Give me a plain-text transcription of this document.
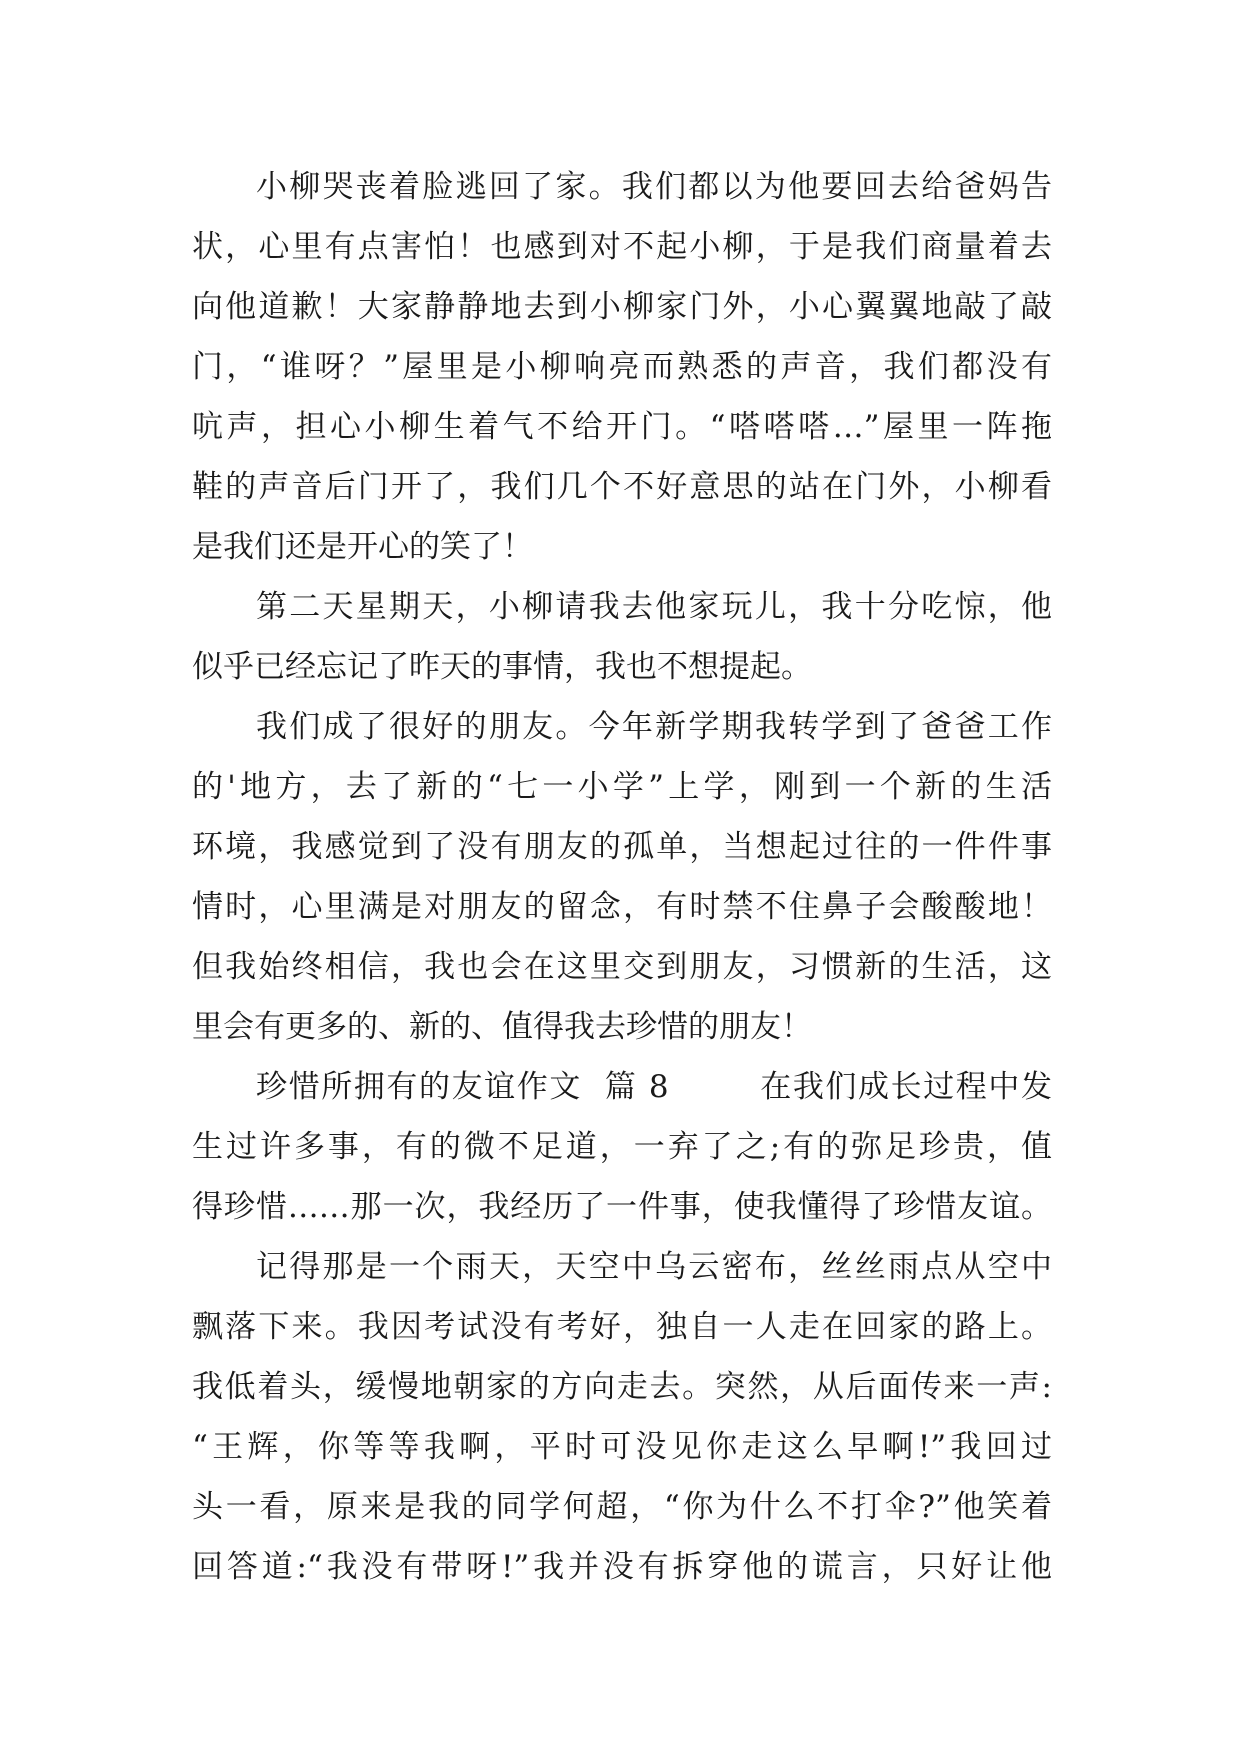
小柳哭丧着脸逃回了家。我们都以为他要回去给爸妈告
状，心里有点害怕！也感到对不起小柳，于是我们商量着去
向他道歉！大家静静地去到小柳家门外，小心翼翼地敲了敲
门，“谁呀？”屋里是小柳响亮而熟悉的声音，我们都没有
吭声，担心小柳生着气不给开门。“嗒嗒嗒…”屋里一阵拖
鞋的声音后门开了，我们几个不好意思的站在门外，小柳看
是我们还是开心的笑了！
第二天星期天，小柳请我去他家玩儿，我十分吃惊，他
似乎已经忘记了昨天的事情，我也不想提起。
我们成了很好的朋友。今年新学期我转学到了爸爸工作
的'地方，去了新的“七一小学”上学，刚到一个新的生活
环境，我感觉到了没有朋友的孤单，当想起过往的一件件事
情时，心里满是对朋友的留念，有时禁不住鼻子会酸酸地！
但我始终相信，我也会在这里交到朋友，习惯新的生活，这
里会有更多的、新的、值得我去珍惜的朋友！
珍惜所拥有的友谊作文  篇 8        在我们成长过程中发
生过许多事，有的微不足道，一弃了之;有的弥足珍贵，值
得珍惜……那一次，我经历了一件事，使我懂得了珍惜友谊。
记得那是一个雨天，天空中乌云密布，丝丝雨点从空中
飘落下来。我因考试没有考好，独自一人走在回家的路上。
我低着头，缓慢地朝家的方向走去。突然，从后面传来一声:
“王辉，你等等我啊，平时可没见你走这么早啊!”我回过
头一看，原来是我的同学何超，“你为什么不打伞?”他笑着
回答道:“我没有带呀!”我并没有拆穿他的谎言，只好让他
